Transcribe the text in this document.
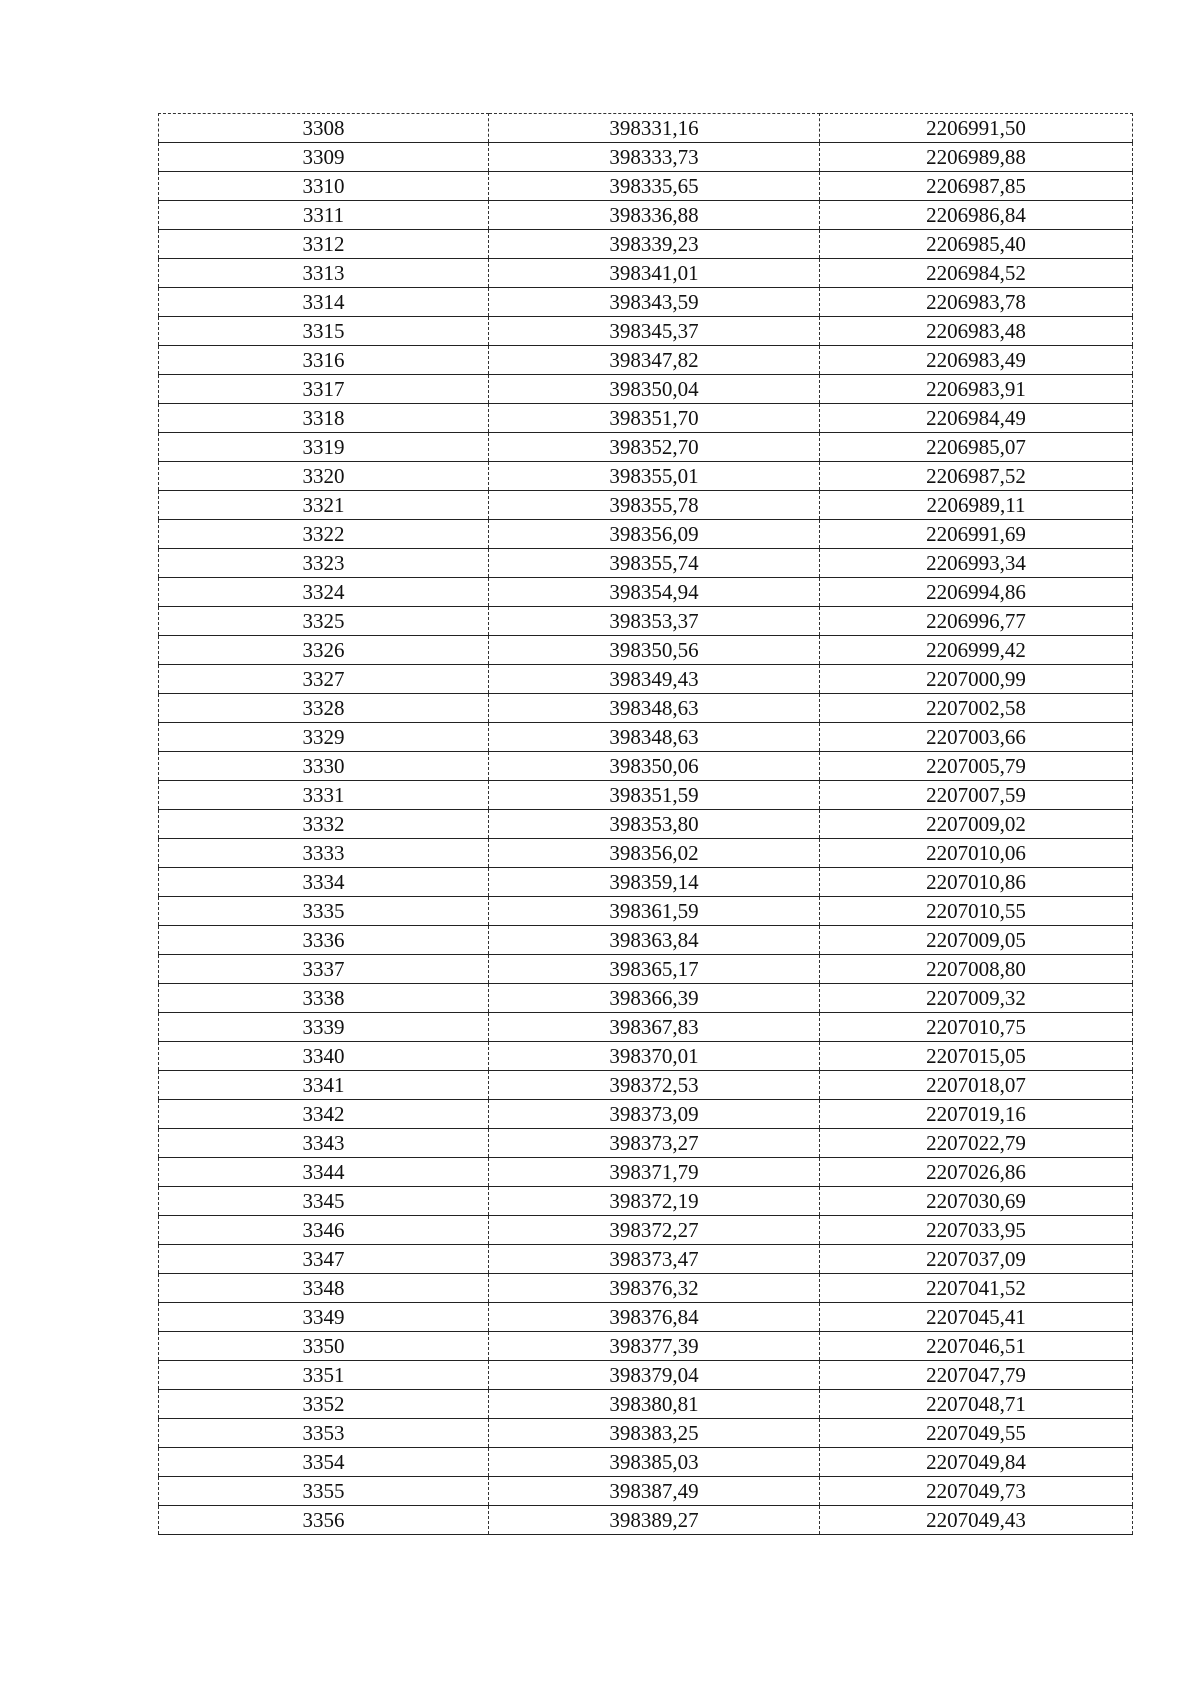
3308	398331,16	2206991,50
3309	398333,73	2206989,88
3310	398335,65	2206987,85
3311	398336,88	2206986,84
3312	398339,23	2206985,40
3313	398341,01	2206984,52
3314	398343,59	2206983,78
3315	398345,37	2206983,48
3316	398347,82	2206983,49
3317	398350,04	2206983,91
3318	398351,70	2206984,49
3319	398352,70	2206985,07
3320	398355,01	2206987,52
3321	398355,78	2206989,11
3322	398356,09	2206991,69
3323	398355,74	2206993,34
3324	398354,94	2206994,86
3325	398353,37	2206996,77
3326	398350,56	2206999,42
3327	398349,43	2207000,99
3328	398348,63	2207002,58
3329	398348,63	2207003,66
3330	398350,06	2207005,79
3331	398351,59	2207007,59
3332	398353,80	2207009,02
3333	398356,02	2207010,06
3334	398359,14	2207010,86
3335	398361,59	2207010,55
3336	398363,84	2207009,05
3337	398365,17	2207008,80
3338	398366,39	2207009,32
3339	398367,83	2207010,75
3340	398370,01	2207015,05
3341	398372,53	2207018,07
3342	398373,09	2207019,16
3343	398373,27	2207022,79
3344	398371,79	2207026,86
3345	398372,19	2207030,69
3346	398372,27	2207033,95
3347	398373,47	2207037,09
3348	398376,32	2207041,52
3349	398376,84	2207045,41
3350	398377,39	2207046,51
3351	398379,04	2207047,79
3352	398380,81	2207048,71
3353	398383,25	2207049,55
3354	398385,03	2207049,84
3355	398387,49	2207049,73
3356	398389,27	2207049,43
